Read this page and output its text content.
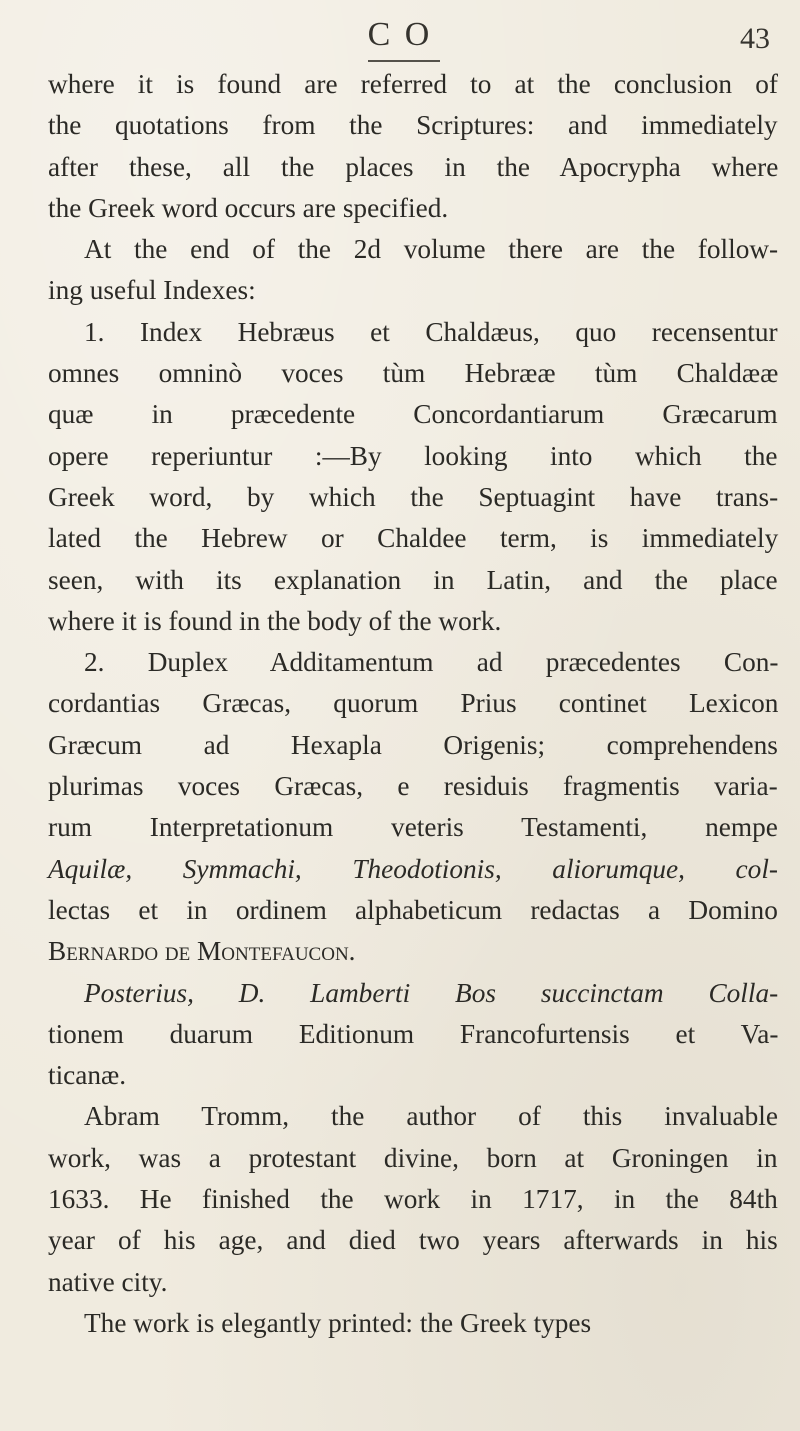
C O	43

where it is found are referred to at the conclusion of
the quotations from the Scriptures: and immediately
after these, all the places in the Apocrypha where
the Greek word occurs are specified.

At the end of the 2d volume there are the follow-
ing useful Indexes:

1. Index Hebræus et Chaldæus, quo recensentur
omnes omninò voces tùm Hebrææ tùm Chaldææ
quæ in præcedente Concordantiarum Græcarum
opere reperiuntur :—By looking into which the
Greek word, by which the Septuagint have trans-
lated the Hebrew or Chaldee term, is immediately
seen, with its explanation in Latin, and the place
where it is found in the body of the work.

2. Duplex Additamentum ad præcedentes Con-
cordantias Græcas, quorum Prius continet Lexicon
Græcum ad Hexapla Origenis; comprehendens
plurimas voces Græcas, e residuis fragmentis varia-
rum Interpretationum veteris Testamenti, nempe
Aquilæ, Symmachi, Theodotionis, aliorumque, col-
lectas et in ordinem alphabeticum redactas a Domino
Bernardo de Montefaucon.

Posterius, D. Lamberti Bos succinctam Colla-
tionem duarum Editionum Francofurtensis et Va-
ticanæ.

Abram Tromm, the author of this invaluable
work, was a protestant divine, born at Groningen in
1633. He finished the work in 1717, in the 84th
year of his age, and died two years afterwards in his
native city.

The work is elegantly printed: the Greek types
